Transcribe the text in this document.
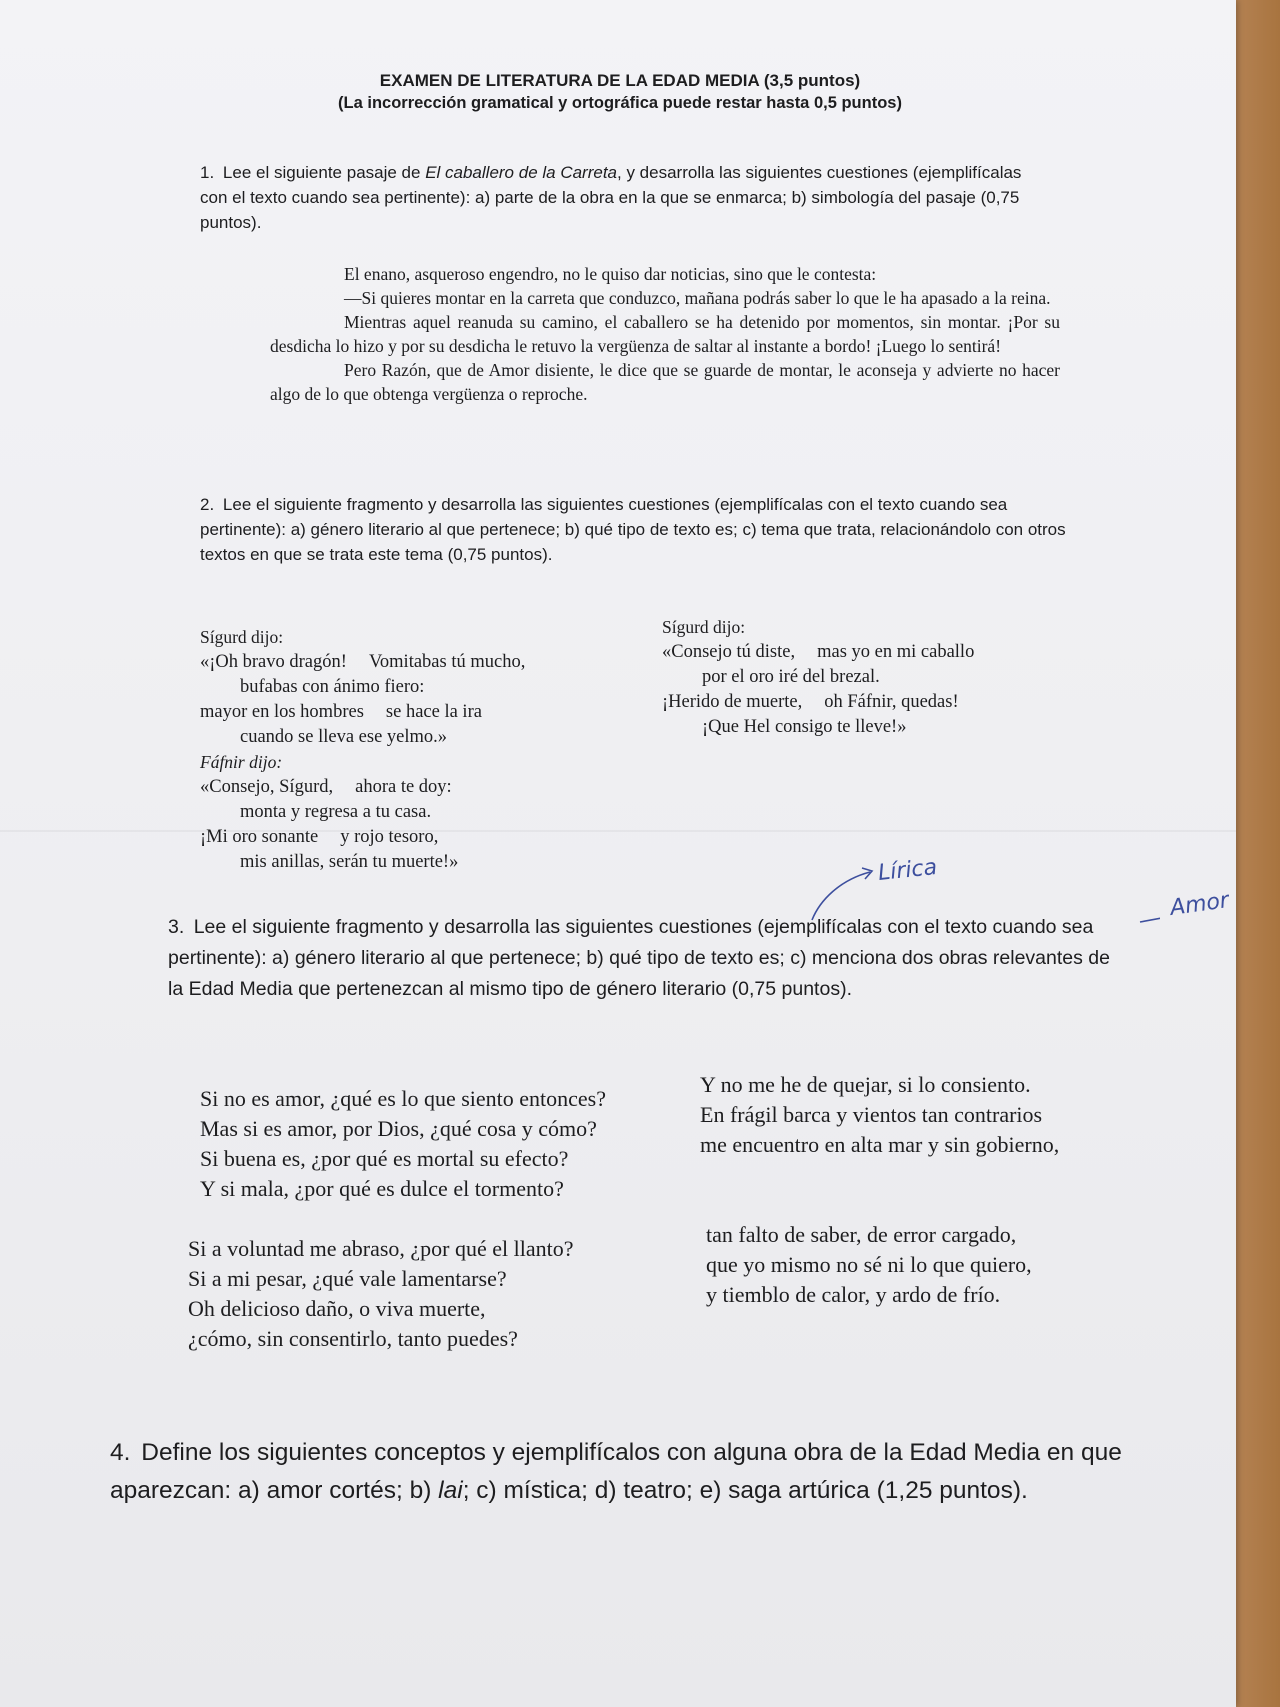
EXAMEN DE LITERATURA DE LA EDAD MEDIA (3,5 puntos)
(La incorrección gramatical y ortográfica puede restar hasta 0,5 puntos)
1. Lee el siguiente pasaje de El caballero de la Carreta, y desarrolla las siguientes cuestiones (ejemplifícalas con el texto cuando sea pertinente): a) parte de la obra en la que se enmarca; b) simbología del pasaje (0,75 puntos).

El enano, asqueroso engendro, no le quiso dar noticias, sino que le contesta:

—Si quieres montar en la carreta que conduzco, mañana podrás saber lo que le ha apasado a la reina.

Mientras aquel reanuda su camino, el caballero se ha detenido por momentos, sin montar. ¡Por su desdicha lo hizo y por su desdicha le retuvo la vergüenza de saltar al instante a bordo! ¡Luego lo sentirá!

Pero Razón, que de Amor disiente, le dice que se guarde de montar, le aconseja y advierte no hacer algo de lo que obtenga vergüenza o reproche.

2. Lee el siguiente fragmento y desarrolla las siguientes cuestiones (ejemplifícalas con el texto cuando sea pertinente): a) género literario al que pertenece; b) qué tipo de texto es; c) tema que trata, relacionándolo con otros textos en que se trata este tema (0,75 puntos).
Sígurd dijo:
«¡Oh bravo dragón! Vomitabas tú mucho,
bufabas con ánimo fiero:
mayor en los hombres se hace la ira
cuando se lleva ese yelmo.»
Fáfnir dijo:
«Consejo, Sígurd, ahora te doy:
monta y regresa a tu casa.
¡Mi oro sonante y rojo tesoro,
mis anillas, serán tu muerte!»
Sígurd dijo:
«Consejo tú diste, mas yo en mi caballo
por el oro iré del brezal.
¡Herido de muerte, oh Fáfnir, quedas!
¡Que Hel consigo te lleve!»
Lírica
Amor
3. Lee el siguiente fragmento y desarrolla las siguientes cuestiones (ejemplifícalas con el texto cuando sea pertinente): a) género literario al que pertenece; b) qué tipo de texto es; c) menciona dos obras relevantes de la Edad Media que pertenezcan al mismo tipo de género literario (0,75 puntos).
Si no es amor, ¿qué es lo que siento entonces?
Mas si es amor, por Dios, ¿qué cosa y cómo?
Si buena es, ¿por qué es mortal su efecto?
Y si mala, ¿por qué es dulce el tormento?
Y no me he de quejar, si lo consiento.
En frágil barca y vientos tan contrarios
me encuentro en alta mar y sin gobierno,
Si a voluntad me abraso, ¿por qué el llanto?
Si a mi pesar, ¿qué vale lamentarse?
Oh delicioso daño, o viva muerte,
¿cómo, sin consentirlo, tanto puedes?
tan falto de saber, de error cargado,
que yo mismo no sé ni lo que quiero,
y tiemblo de calor, y ardo de frío.
4. Define los siguientes conceptos y ejemplifícalos con alguna obra de la Edad Media en que aparezcan: a) amor cortés; b) lai; c) mística; d) teatro; e) saga artúrica (1,25 puntos).
